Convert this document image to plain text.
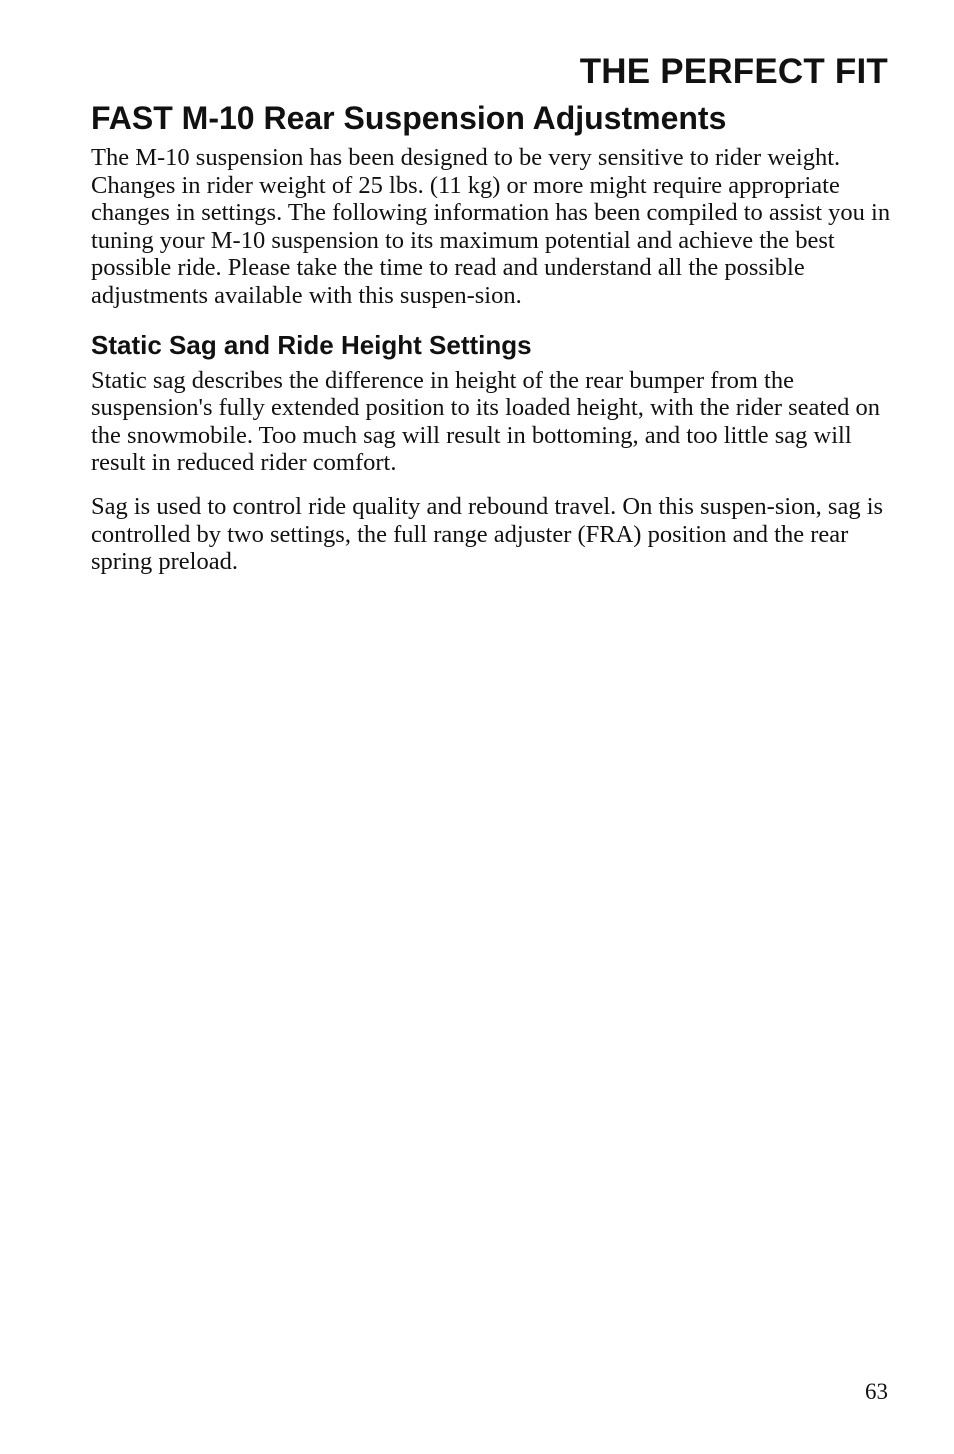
THE PERFECT FIT

FAST M-10 Rear Suspension Adjustments

The M-10 suspension has been designed to be very sensitive to rider weight. Changes in rider weight of 25 lbs. (11 kg) or more might require appropriate changes in settings. The following information has been compiled to assist you in tuning your M-10 suspension to its maximum potential and achieve the best possible ride. Please take the time to read and understand all the possible adjustments available with this suspen-sion.

Static Sag and Ride Height Settings

Static sag describes the difference in height of the rear bumper from the suspension's fully extended position to its loaded height, with the rider seated on the snowmobile. Too much sag will result in bottoming, and too little sag will result in reduced rider comfort.

Sag is used to control ride quality and rebound travel. On this suspen-sion, sag is controlled by two settings, the full range adjuster (FRA) position and the rear spring preload.

63
